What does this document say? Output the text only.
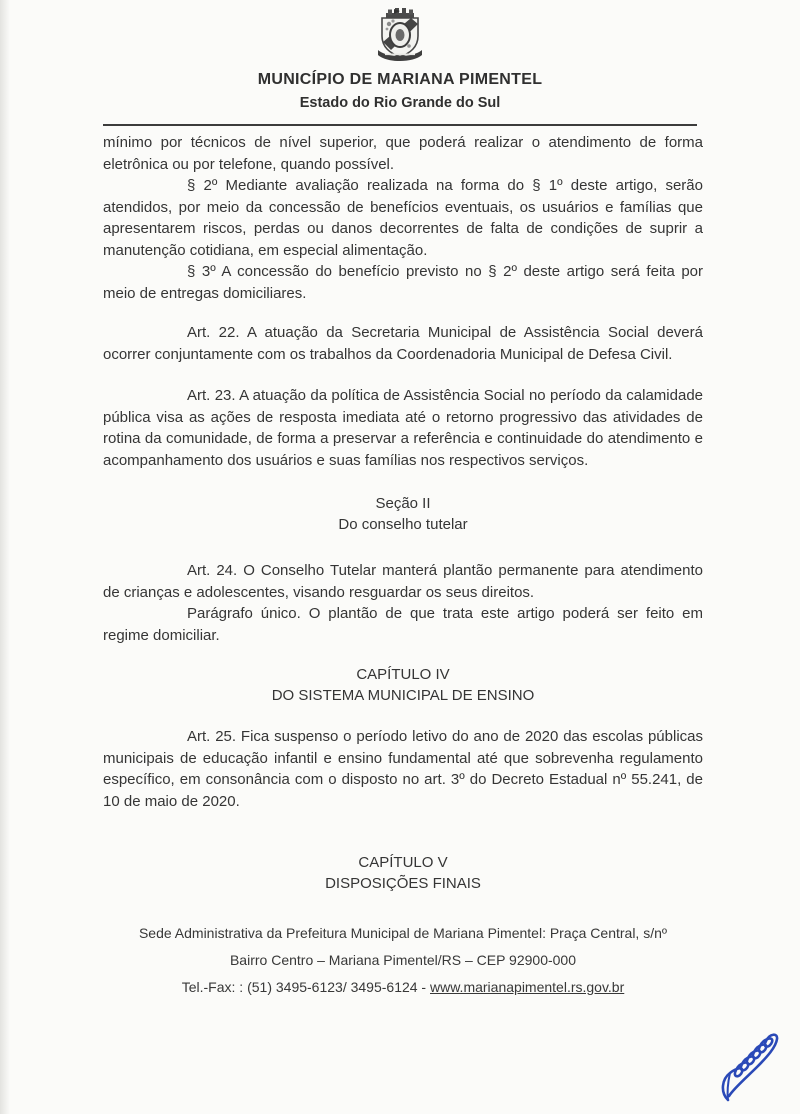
MUNICÍPIO DE MARIANA PIMENTEL
Estado do Rio Grande do Sul

mínimo por técnicos de nível superior, que poderá realizar o atendimento de forma eletrônica ou por telefone, quando possível.

§ 2º Mediante avaliação realizada na forma do § 1º deste artigo, serão atendidos, por meio da concessão de benefícios eventuais, os usuários e famílias que apresentarem riscos, perdas ou danos decorrentes de falta de condições de suprir a manutenção cotidiana, em especial alimentação.

§ 3º A concessão do benefício previsto no § 2º deste artigo será feita por meio de entregas domiciliares.

Art. 22. A atuação da Secretaria Municipal de Assistência Social deverá ocorrer conjuntamente com os trabalhos da Coordenadoria Municipal de Defesa Civil.

Art. 23. A atuação da política de Assistência Social no período da calamidade pública visa as ações de resposta imediata até o retorno progressivo das atividades de rotina da comunidade, de forma a preservar a referência e continuidade do atendimento e acompanhamento dos usuários e suas famílias nos respectivos serviços.

Seção II
Do conselho tutelar

Art. 24. O Conselho Tutelar manterá plantão permanente para atendimento de crianças e adolescentes, visando resguardar os seus direitos.

Parágrafo único. O plantão de que trata este artigo poderá ser feito em regime domiciliar.

CAPÍTULO IV
DO SISTEMA MUNICIPAL DE ENSINO

Art. 25. Fica suspenso o período letivo do ano de 2020 das escolas públicas municipais de educação infantil e ensino fundamental até que sobrevenha regulamento específico, em consonância com o disposto no art. 3º do Decreto Estadual nº 55.241, de 10 de maio de 2020.

CAPÍTULO V
DISPOSIÇÕES FINAIS
Sede Administrativa da Prefeitura Municipal de Mariana Pimentel: Praça Central, s/nº
Bairro Centro – Mariana Pimentel/RS – CEP 92900-000
Tel.-Fax: : (51) 3495-6123/ 3495-6124 - www.marianapimentel.rs.gov.br
